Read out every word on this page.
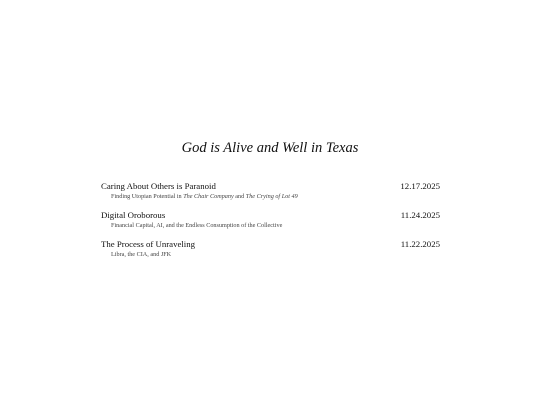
God is Alive and Well in Texas
Caring About Others is Paranoid	12.17.2025
Finding Utopian Potential in The Chair Company and The Crying of Lot 49
Digital Oroborous	11.24.2025
Financial Capital, AI, and the Endless Consumption of the Collective
The Process of Unraveling	11.22.2025
Libra, the CIA, and JFK
